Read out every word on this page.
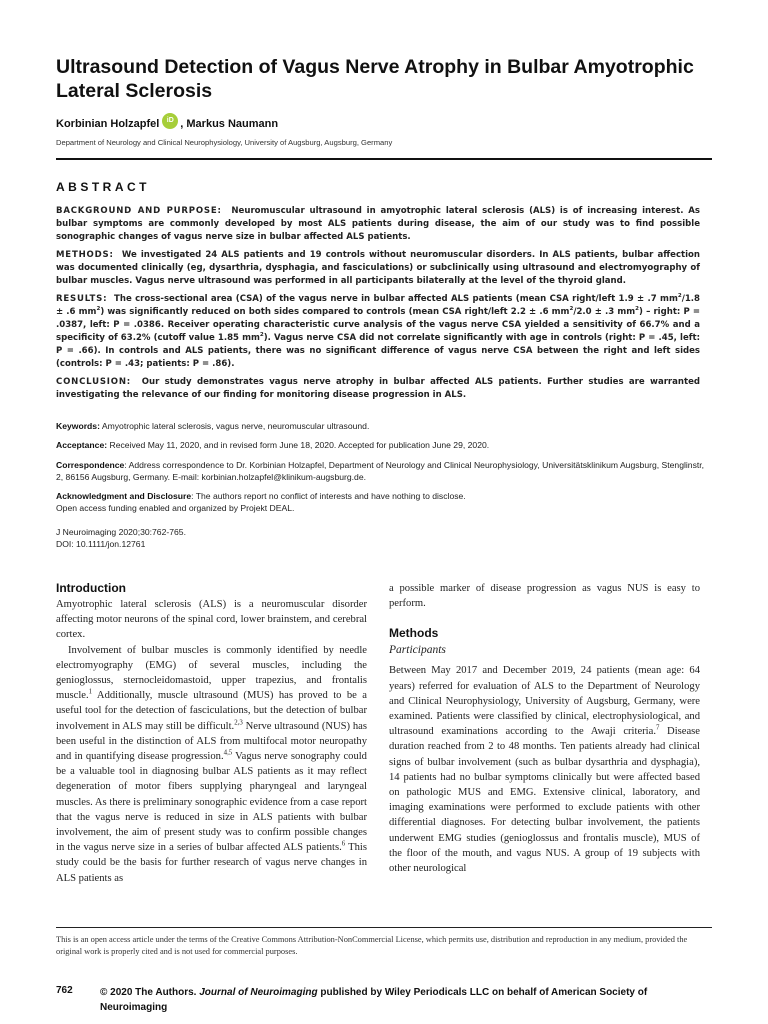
Ultrasound Detection of Vagus Nerve Atrophy in Bulbar Amyotrophic Lateral Sclerosis
Korbinian Holzapfel	iD , Markus Naumann
Department of Neurology and Clinical Neurophysiology, University of Augsburg, Augsburg, Germany
ABSTRACT
BACKGROUND AND PURPOSE: Neuromuscular ultrasound in amyotrophic lateral sclerosis (ALS) is of increasing interest. As bulbar symptoms are commonly developed by most ALS patients during disease, the aim of our study was to find possible sonographic changes of vagus nerve size in bulbar affected ALS patients.
METHODS: We investigated 24 ALS patients and 19 controls without neuromuscular disorders. In ALS patients, bulbar affection was documented clinically (eg, dysarthria, dysphagia, and fasciculations) or subclinically using ultrasound and electromyography of bulbar muscles. Vagus nerve ultrasound was performed in all participants bilaterally at the level of the thyroid gland.
RESULTS: The cross-sectional area (CSA) of the vagus nerve in bulbar affected ALS patients (mean CSA right/left 1.9 ± .7 $mm^2/1.8 \pm .6$ $mm^2$) was significantly reduced on both sides compared to controls (mean CSA right/left 2.2 ± .6 $mm^2/2.0 \pm .3$ $mm^2$) – right: P = .0387, left: P = .0386. Receiver operating characteristic curve analysis of the vagus nerve CSA yielded a sensitivity of 66.7% and a specificity of 63.2% (cutoff value 1.85 $mm^2$). Vagus nerve CSA did not correlate significantly with age in controls (right: P = .45, left: P = .66). In controls and ALS patients, there was no significant difference of vagus nerve CSA between the right and left sides (controls: P = .43; patients: P = .86).
CONCLUSION: Our study demonstrates vagus nerve atrophy in bulbar affected ALS patients. Further studies are warranted investigating the relevance of our finding for monitoring disease progression in ALS.
Keywords: Amyotrophic lateral sclerosis, vagus nerve, neuromuscular ultrasound.
Acceptance: Received May 11, 2020, and in revised form June 18, 2020. Accepted for publication June 29, 2020.
Correspondence: Address correspondence to Dr. Korbinian Holzapfel, Department of Neurology and Clinical Neurophysiology, Universitätsklinikum Augsburg, Stenglinstr, 2, 86156 Augsburg, Germany. E-mail: korbinian.holzapfel@klinikum-augsburg.de.
Acknowledgment and Disclosure: The authors report no conflict of interests and have nothing to disclose.
Open access funding enabled and organized by Projekt DEAL.
J Neuroimaging 2020;30:762-765.
DOI: 10.1111/jon.12761
Introduction

Amyotrophic lateral sclerosis (ALS) is a neuromuscular disorder affecting motor neurons of the spinal cord, lower brainstem, and cerebral cortex.

Involvement of bulbar muscles is commonly identified by needle electromyography (EMG) of several muscles, including the genioglossus, sternocleidomastoid, upper trapezius, and frontalis muscle.$^1$ Additionally, muscle ultrasound (MUS) has proved to be a useful tool for the detection of fasciculations, but the detection of bulbar involvement in ALS may still be difficult.$^{2,3}$ Nerve ultrasound (NUS) has been useful in the distinction of ALS from multifocal motor neuropathy and in quantifying disease progression.$^{4,5}$ Vagus nerve sonography could be a valuable tool in diagnosing bulbar ALS patients as it may reflect degeneration of motor fibers supplying pharyngeal and laryngeal muscles. As there is preliminary sonographic evidence from a case report that the vagus nerve is reduced in size in ALS patients with bulbar involvement, the aim of present study was to confirm possible changes in the vagus nerve size in a series of bulbar affected ALS patients.$^6$ This study could be the basis for further research of vagus nerve changes in ALS patients as

a possible marker of disease progression as vagus NUS is easy to perform.

Methods
Participants

Between May 2017 and December 2019, 24 patients (mean age: 64 years) referred for evaluation of ALS to the Department of Neurology and Clinical Neurophysiology, University of Augsburg, Germany, were examined. Patients were classified by clinical, electrophysiological, and ultrasound examinations according to the Awaji criteria.$^7$ Disease duration reached from 2 to 48 months. Ten patients already had clinical signs of bulbar involvement (such as bulbar dysarthria and dysphagia), 14 patients had no bulbar symptoms clinically but were affected based on pathologic MUS and EMG. Extensive clinical, laboratory, and imaging examinations were performed to exclude patients with other differential diagnoses. For detecting bulbar involvement, the patients underwent EMG studies (genioglossus and frontalis muscle), MUS of the floor of the mouth, and vagus NUS. A group of 19 subjects with other neurological

This is an open access article under the terms of the Creative Commons Attribution-NonCommercial License, which permits use, distribution and reproduction in any medium, provided the original work is properly cited and is not used for commercial purposes.
762	© 2020 The Authors. Journal of Neuroimaging published by Wiley Periodicals LLC on behalf of American Society of Neuroimaging
